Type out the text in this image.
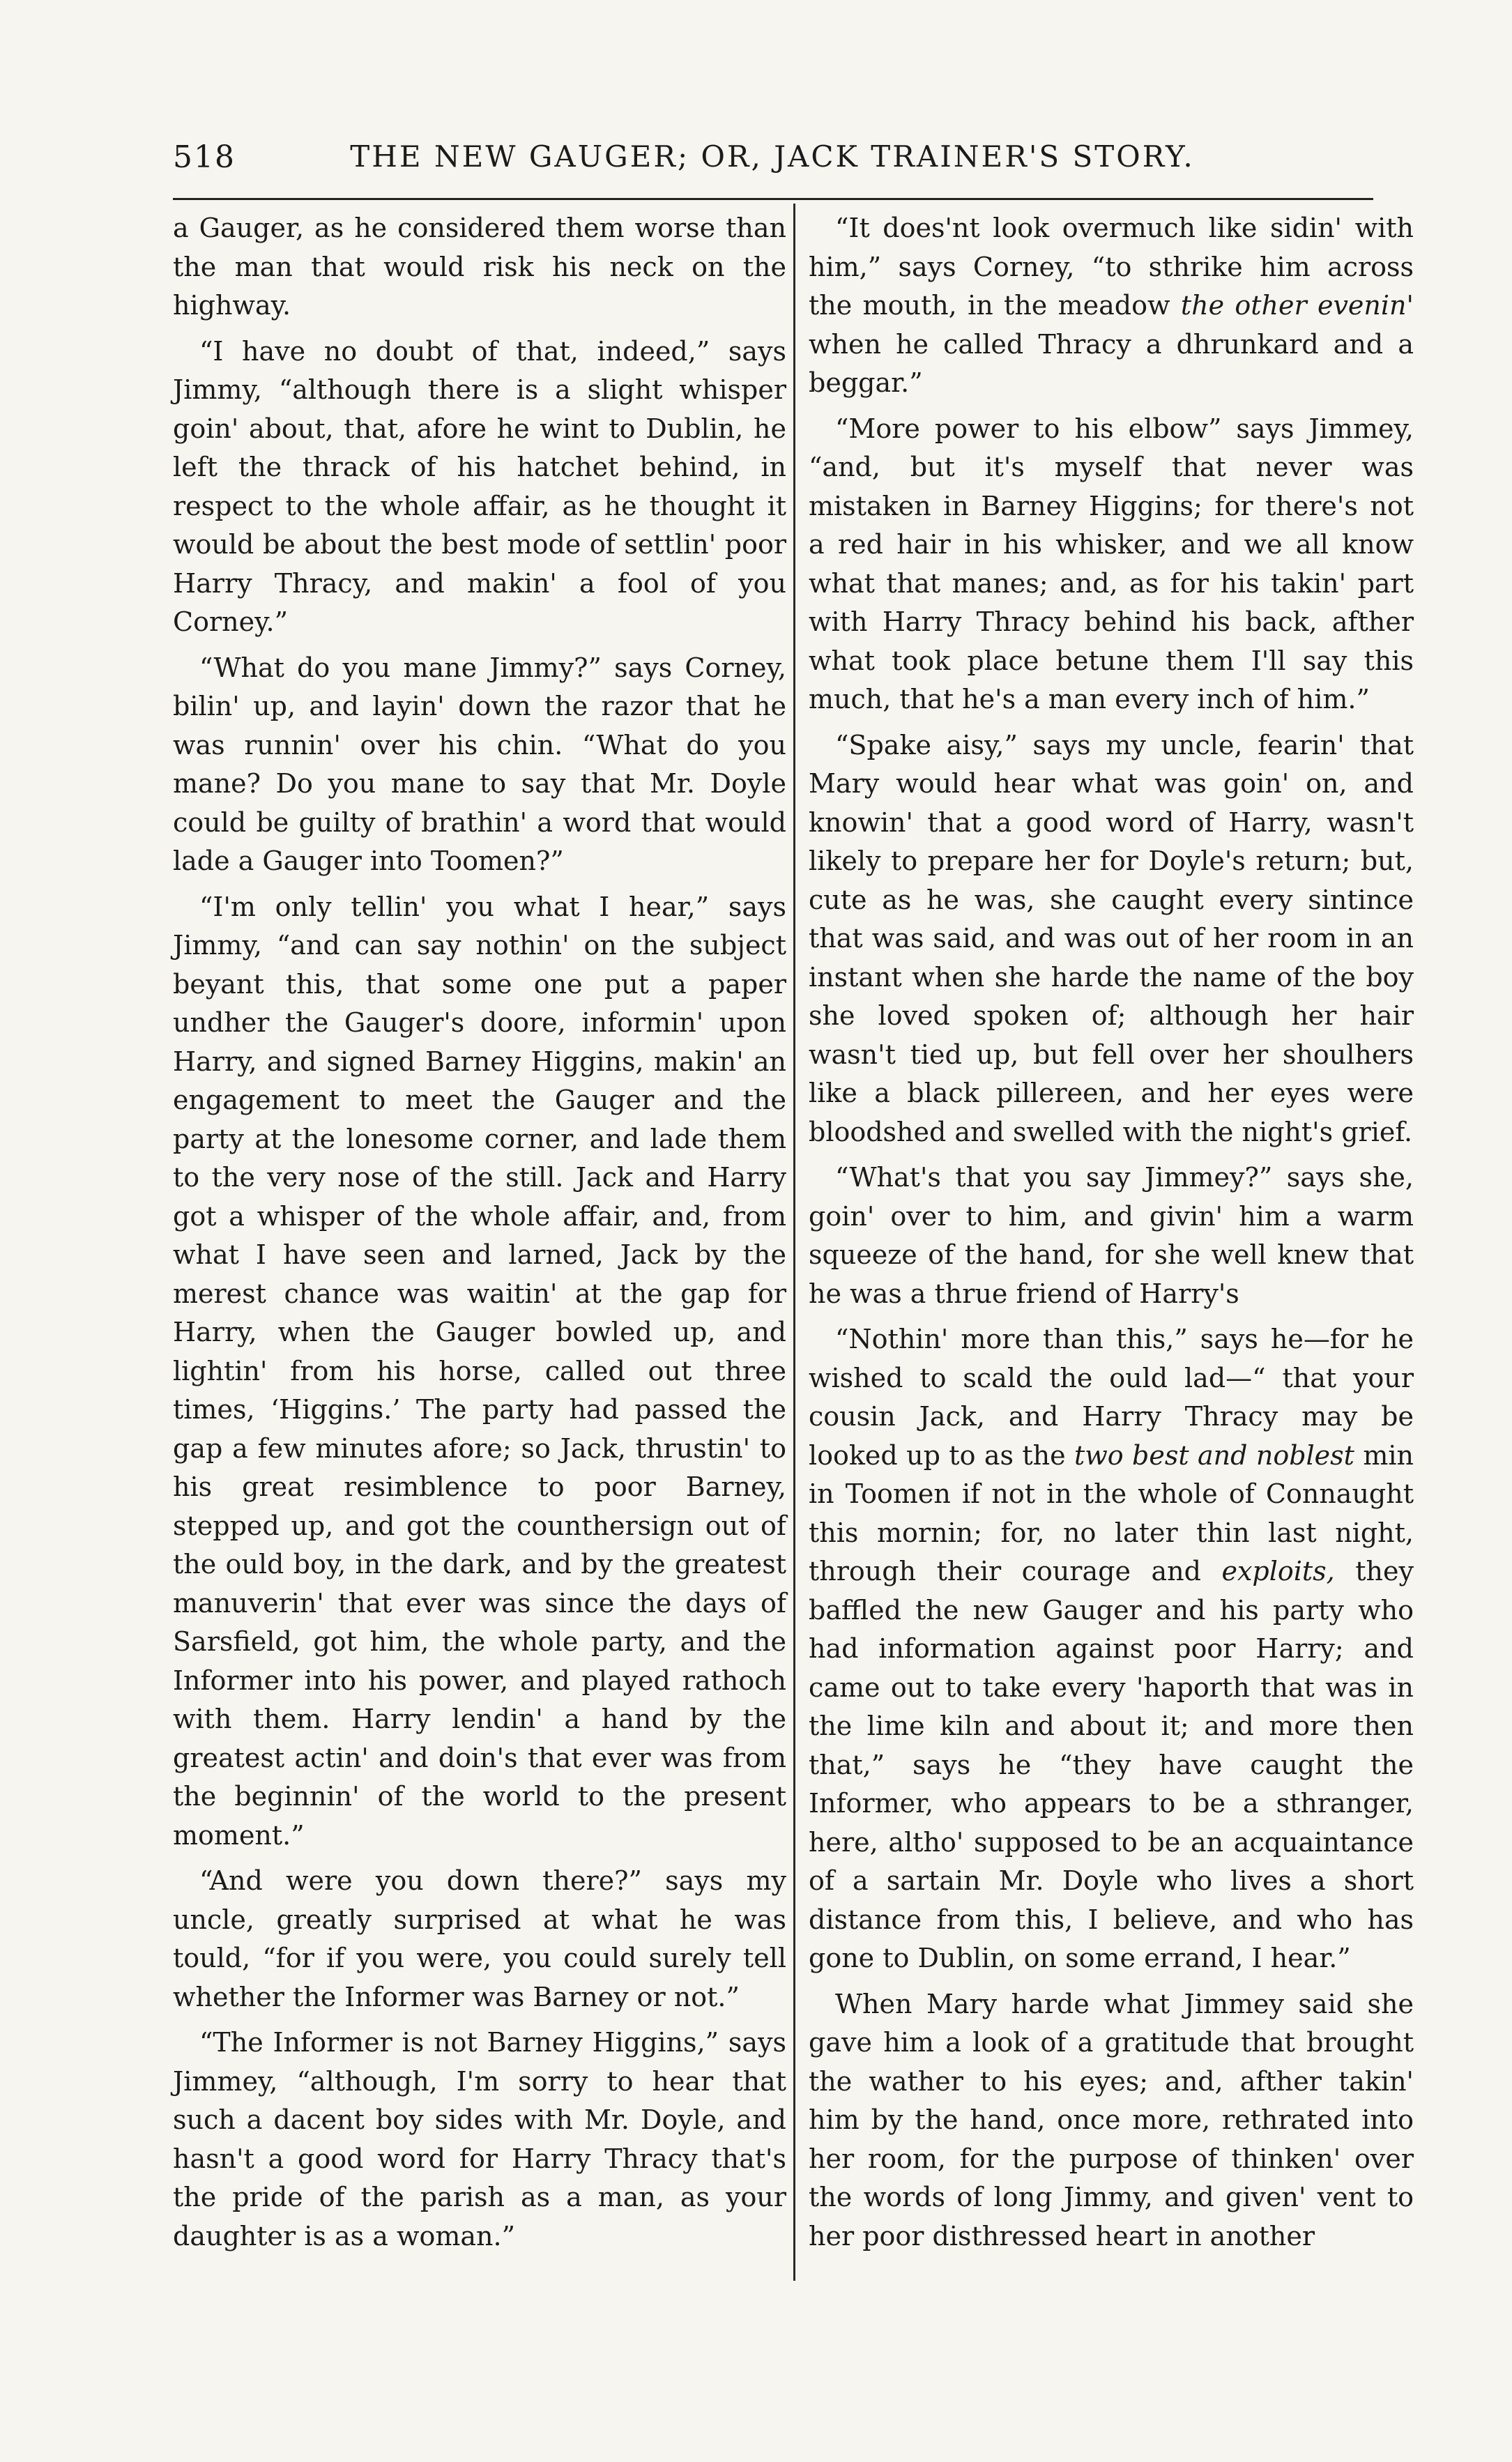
518	THE NEW GAUGER; OR, JACK TRAINER'S STORY.

a Gauger, as he considered them worse than the man that would risk his neck on the highway.

“I have no doubt of that, indeed,” says Jimmy, “although there is a slight whisper goin' about, that, afore he wint to Dublin, he left the thrack of his hatchet behind, in respect to the whole affair, as he thought it would be about the best mode of settlin' poor Harry Thracy, and makin' a fool of you Corney.”

“What do you mane Jimmy?” says Corney, bilin' up, and layin' down the razor that he was runnin' over his chin. “What do you mane? Do you mane to say that Mr. Doyle could be guilty of brathin' a word that would lade a Gauger into Toomen?”

“I'm only tellin' you what I hear,” says Jimmy, “and can say nothin' on the subject beyant this, that some one put a paper undher the Gauger's doore, informin' upon Harry, and signed Barney Higgins, makin' an engagement to meet the Gauger and the party at the lonesome corner, and lade them to the very nose of the still. Jack and Harry got a whisper of the whole affair, and, from what I have seen and larned, Jack by the merest chance was waitin' at the gap for Harry, when the Gauger bowled up, and lightin' from his horse, called out three times, ‘Higgins.’ The party had passed the gap a few minutes afore; so Jack, thrustin' to his great resimblence to poor Barney, stepped up, and got the counthersign out of the ould boy, in the dark, and by the greatest manuverin' that ever was since the days of Sarsfield, got him, the whole party, and the Informer into his power, and played rathoch with them. Harry lendin' a hand by the greatest actin' and doin's that ever was from the beginnin' of the world to the present moment.”

“And were you down there?” says my uncle, greatly surprised at what he was tould, “for if you were, you could surely tell whether the Informer was Barney or not.”

“The Informer is not Barney Higgins,” says Jimmey, “although, I'm sorry to hear that such a dacent boy sides with Mr. Doyle, and hasn't a good word for Harry Thracy that's the pride of the parish as a man, as your daughter is as a woman.”

“It does'nt look overmuch like sidin' with him,” says Corney, “to sthrike him across the mouth, in the meadow the other evenin' when he called Thracy a dhrunkard and a beggar.”

“More power to his elbow” says Jimmey, “and, but it's myself that never was mistaken in Barney Higgins; for there's not a red hair in his whisker, and we all know what that manes; and, as for his takin' part with Harry Thracy behind his back, afther what took place betune them I'll say this much, that he's a man every inch of him.”

“Spake aisy,” says my uncle, fearin' that Mary would hear what was goin' on, and knowin' that a good word of Harry, wasn't likely to prepare her for Doyle's return; but, cute as he was, she caught every sintince that was said, and was out of her room in an instant when she harde the name of the boy she loved spoken of; although her hair wasn't tied up, but fell over her shoulhers like a black pillereen, and her eyes were bloodshed and swelled with the night's grief.

“What's that you say Jimmey?” says she, goin' over to him, and givin' him a warm squeeze of the hand, for she well knew that he was a thrue friend of Harry's

“Nothin' more than this,” says he—for he wished to scald the ould lad—“ that your cousin Jack, and Harry Thracy may be looked up to as the two best and noblest min in Toomen if not in the whole of Connaught this mornin; for, no later thin last night, through their courage and exploits, they baffled the new Gauger and his party who had information against poor Harry; and came out to take every 'haporth that was in the lime kiln and about it; and more then that,” says he “they have caught the Informer, who appears to be a sthranger, here, altho' supposed to be an acquaintance of a sartain Mr. Doyle who lives a short distance from this, I believe, and who has gone to Dublin, on some errand, I hear.”

When Mary harde what Jimmey said she gave him a look of a gratitude that brought the wather to his eyes; and, afther takin' him by the hand, once more, rethrated into her room, for the purpose of thinken' over the words of long Jimmy, and given' vent to her poor disthressed heart in another
